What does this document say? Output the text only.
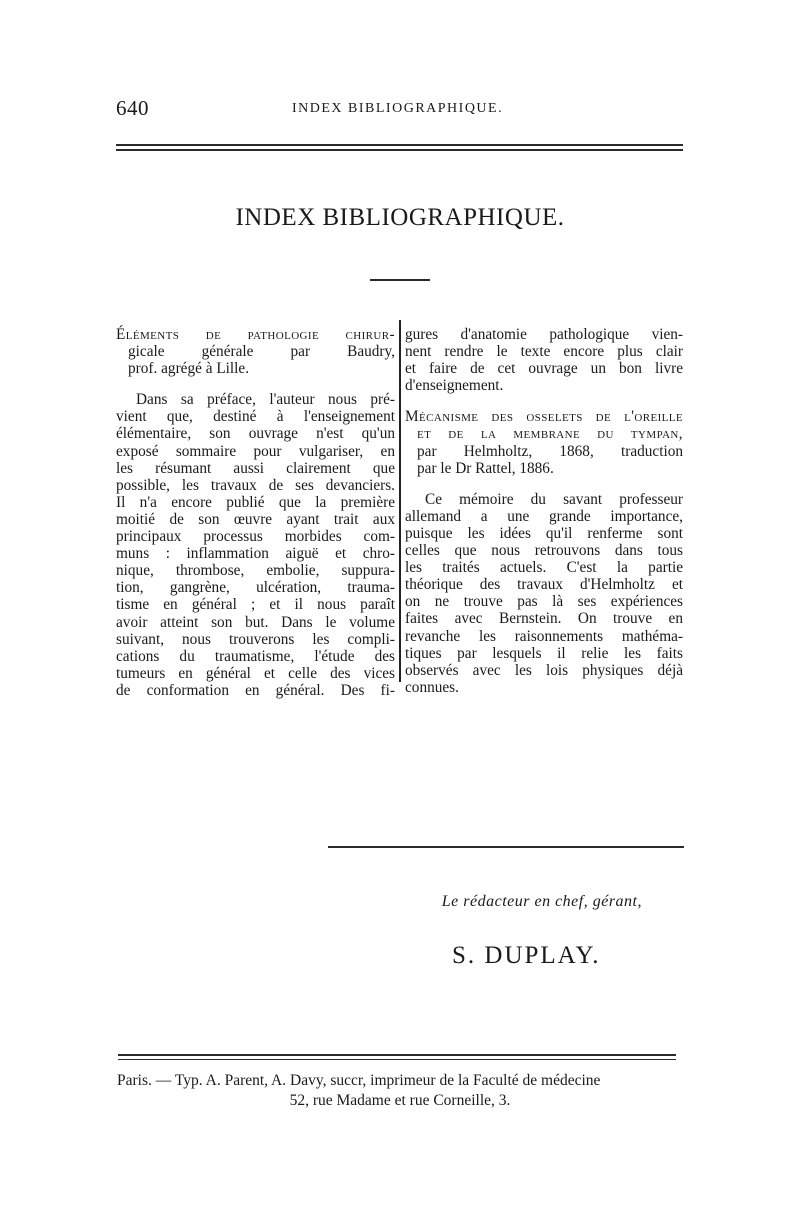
640	INDEX BIBLIOGRAPHIQUE.
INDEX BIBLIOGRAPHIQUE.

Éléments de pathologie chirur-

gicale générale par Baudry,

prof. agrégé à Lille.

Dans sa préface, l'auteur nous pré-

vient que, destiné à l'enseignement

élémentaire, son ouvrage n'est qu'un

exposé sommaire pour vulgariser, en

les résumant aussi clairement que

possible, les travaux de ses devanciers.

Il n'a encore publié que la première

moitié de son œuvre ayant trait aux

principaux processus morbides com-

muns : inflammation aiguë et chro-

nique, thrombose, embolie, suppura-

tion, gangrène, ulcération, trauma-

tisme en général ; et il nous paraît

avoir atteint son but. Dans le volume

suivant, nous trouverons les compli-

cations du traumatisme, l'étude des

tumeurs en général et celle des vices

de conformation en général. Des fi-

gures d'anatomie pathologique vien-

nent rendre le texte encore plus clair

et faire de cet ouvrage un bon livre

d'enseignement.

Mécanisme des osselets de l'oreille

et de la membrane du tympan,

par Helmholtz, 1868, traduction

par le Dr Rattel, 1886.

Ce mémoire du savant professeur

allemand a une grande importance,

puisque les idées qu'il renferme sont

celles que nous retrouvons dans tous

les traités actuels. C'est la partie

théorique des travaux d'Helmholtz et

on ne trouve pas là ses expériences

faites avec Bernstein. On trouve en

revanche les raisonnements mathéma-

tiques par lesquels il relie les faits

observés avec les lois physiques déjà

connues.

Le rédacteur en chef, gérant,
S. DUPLAY.
Paris. — Typ. A. Parent, A. Davy, succr, imprimeur de la Faculté de médecine
52, rue Madame et rue Corneille, 3.
